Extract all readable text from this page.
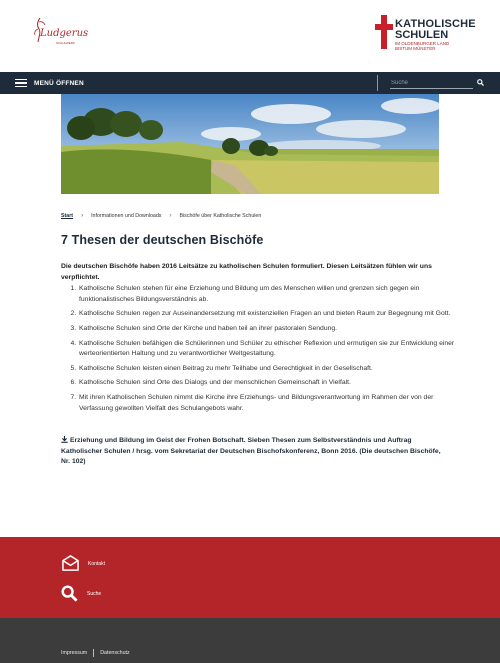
Ludgerus
SCHULWERK
KATHOLISCHE
SCHULEN
IM OLDENBURGER LAND
BISTUM MÜNSTER
MENÜ ÖFFNEN
Suche
Start › Informationen und Downloads › Bischöfe über Katholische Schulen
7 Thesen der deutschen Bischöfe

Die deutschen Bischöfe haben 2016 Leitsätze zu katholischen Schulen formuliert. Diesen Leitsätzen fühlen wir uns verpflichtet.

1. Katholische Schulen stehen für eine Erziehung und Bildung um des Menschen willen und grenzen sich gegen ein funktionalistisches Bildungsverständnis ab.
2. Katholische Schulen regen zur Auseinandersetzung mit existenziellen Fragen an und bieten Raum zur Begegnung mit Gott.
3. Katholische Schulen sind Orte der Kirche und haben teil an ihrer pastoralen Sendung.
4. Katholische Schulen befähigen die Schülerinnen und Schüler zu ethischer Reflexion und ermutigen sie zur Entwicklung einer werteorientierten Haltung und zu verantwortlicher Weltgestaltung.
5. Katholische Schulen leisten einen Beitrag zu mehr Teilhabe und Gerechtigkeit in der Gesellschaft.
6. Katholische Schulen sind Orte des Dialogs und der menschlichen Gemeinschaft in Vielfalt.
7. Mit ihren Katholischen Schulen nimmt die Kirche ihre Erziehungs- und Bildungsverantwortung im Rahmen der von der Verfassung gewollten Vielfalt des Schulangebots wahr.
Erziehung und Bildung im Geist der Frohen Botschaft. Sieben Thesen zum Selbstverständnis und Auftrag Katholischer Schulen / hrsg. vom Sekretariat der Deutschen Bischofskonferenz, Bonn 2016. (Die deutschen Bischöfe, Nr. 102)
Kontakt
Suche
Impressum Datenschutz
